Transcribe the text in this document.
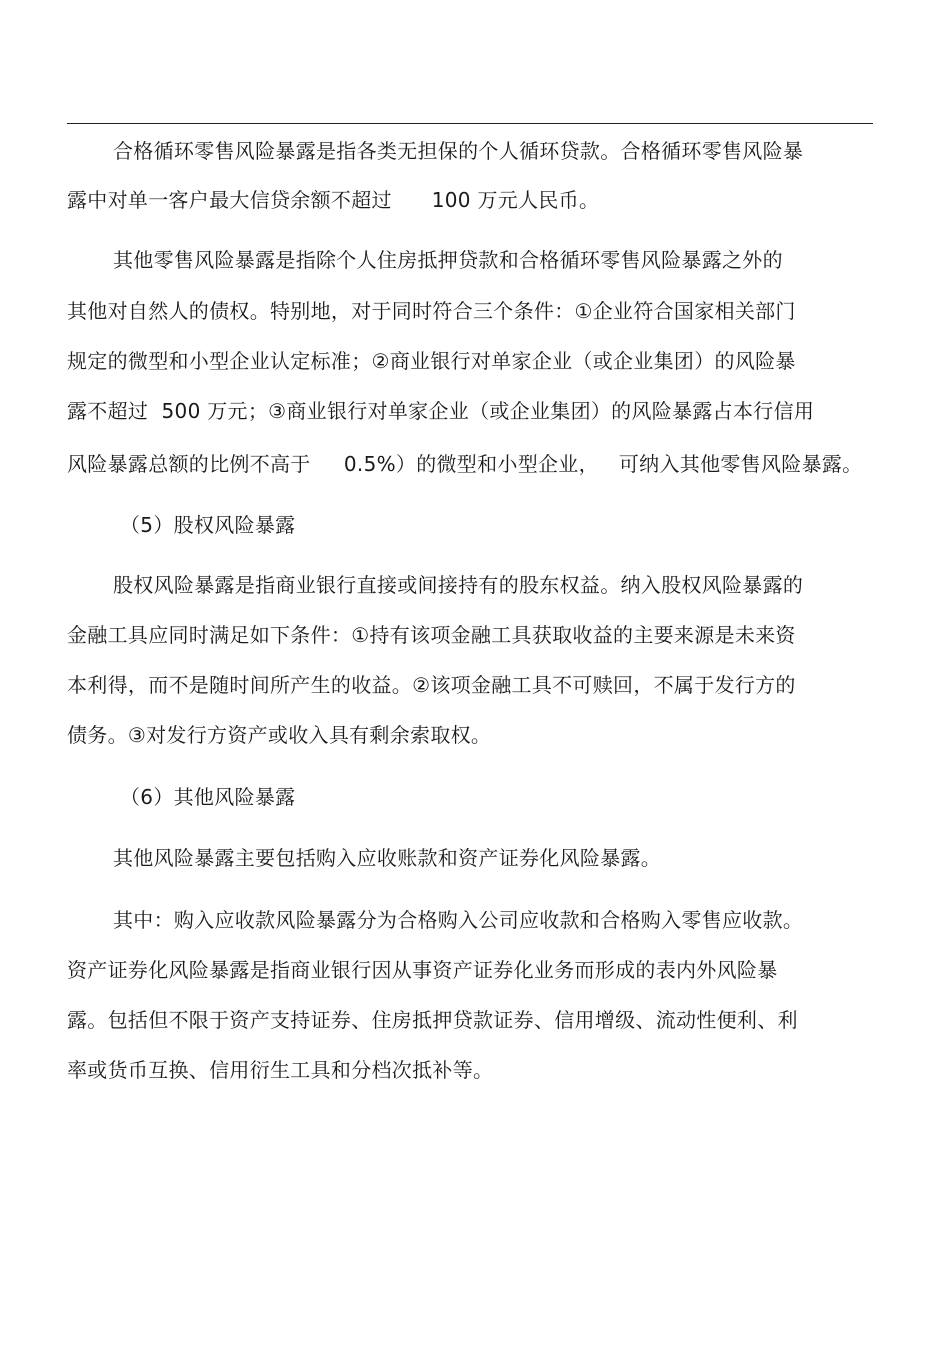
合格循环零售风险暴露是指各类无担保的个人循环贷款。合格循环零售风险暴
露中对单一客户最大信贷余额不超过      100 万元人民币。
其他零售风险暴露是指除个人住房抵押贷款和合格循环零售风险暴露之外的
其他对自然人的债权。特别地，对于同时符合三个条件：①企业符合国家相关部门
规定的微型和小型企业认定标准；②商业银行对单家企业（或企业集团）的风险暴
露不超过  500 万元；③商业银行对单家企业（或企业集团）的风险暴露占本行信用
风险暴露总额的比例不高于     0.5%）的微型和小型企业，   可纳入其他零售风险暴露。
（5）股权风险暴露
股权风险暴露是指商业银行直接或间接持有的股东权益。纳入股权风险暴露的
金融工具应同时满足如下条件：①持有该项金融工具获取收益的主要来源是未来资
本利得，而不是随时间所产生的收益。②该项金融工具不可赎回，不属于发行方的
债务。③对发行方资产或收入具有剩余索取权。
（6）其他风险暴露
其他风险暴露主要包括购入应收账款和资产证券化风险暴露。
其中：购入应收款风险暴露分为合格购入公司应收款和合格购入零售应收款。
资产证券化风险暴露是指商业银行因从事资产证券化业务而形成的表内外风险暴
露。包括但不限于资产支持证券、住房抵押贷款证券、信用增级、流动性便利、利
率或货币互换、信用衍生工具和分档次抵补等。
